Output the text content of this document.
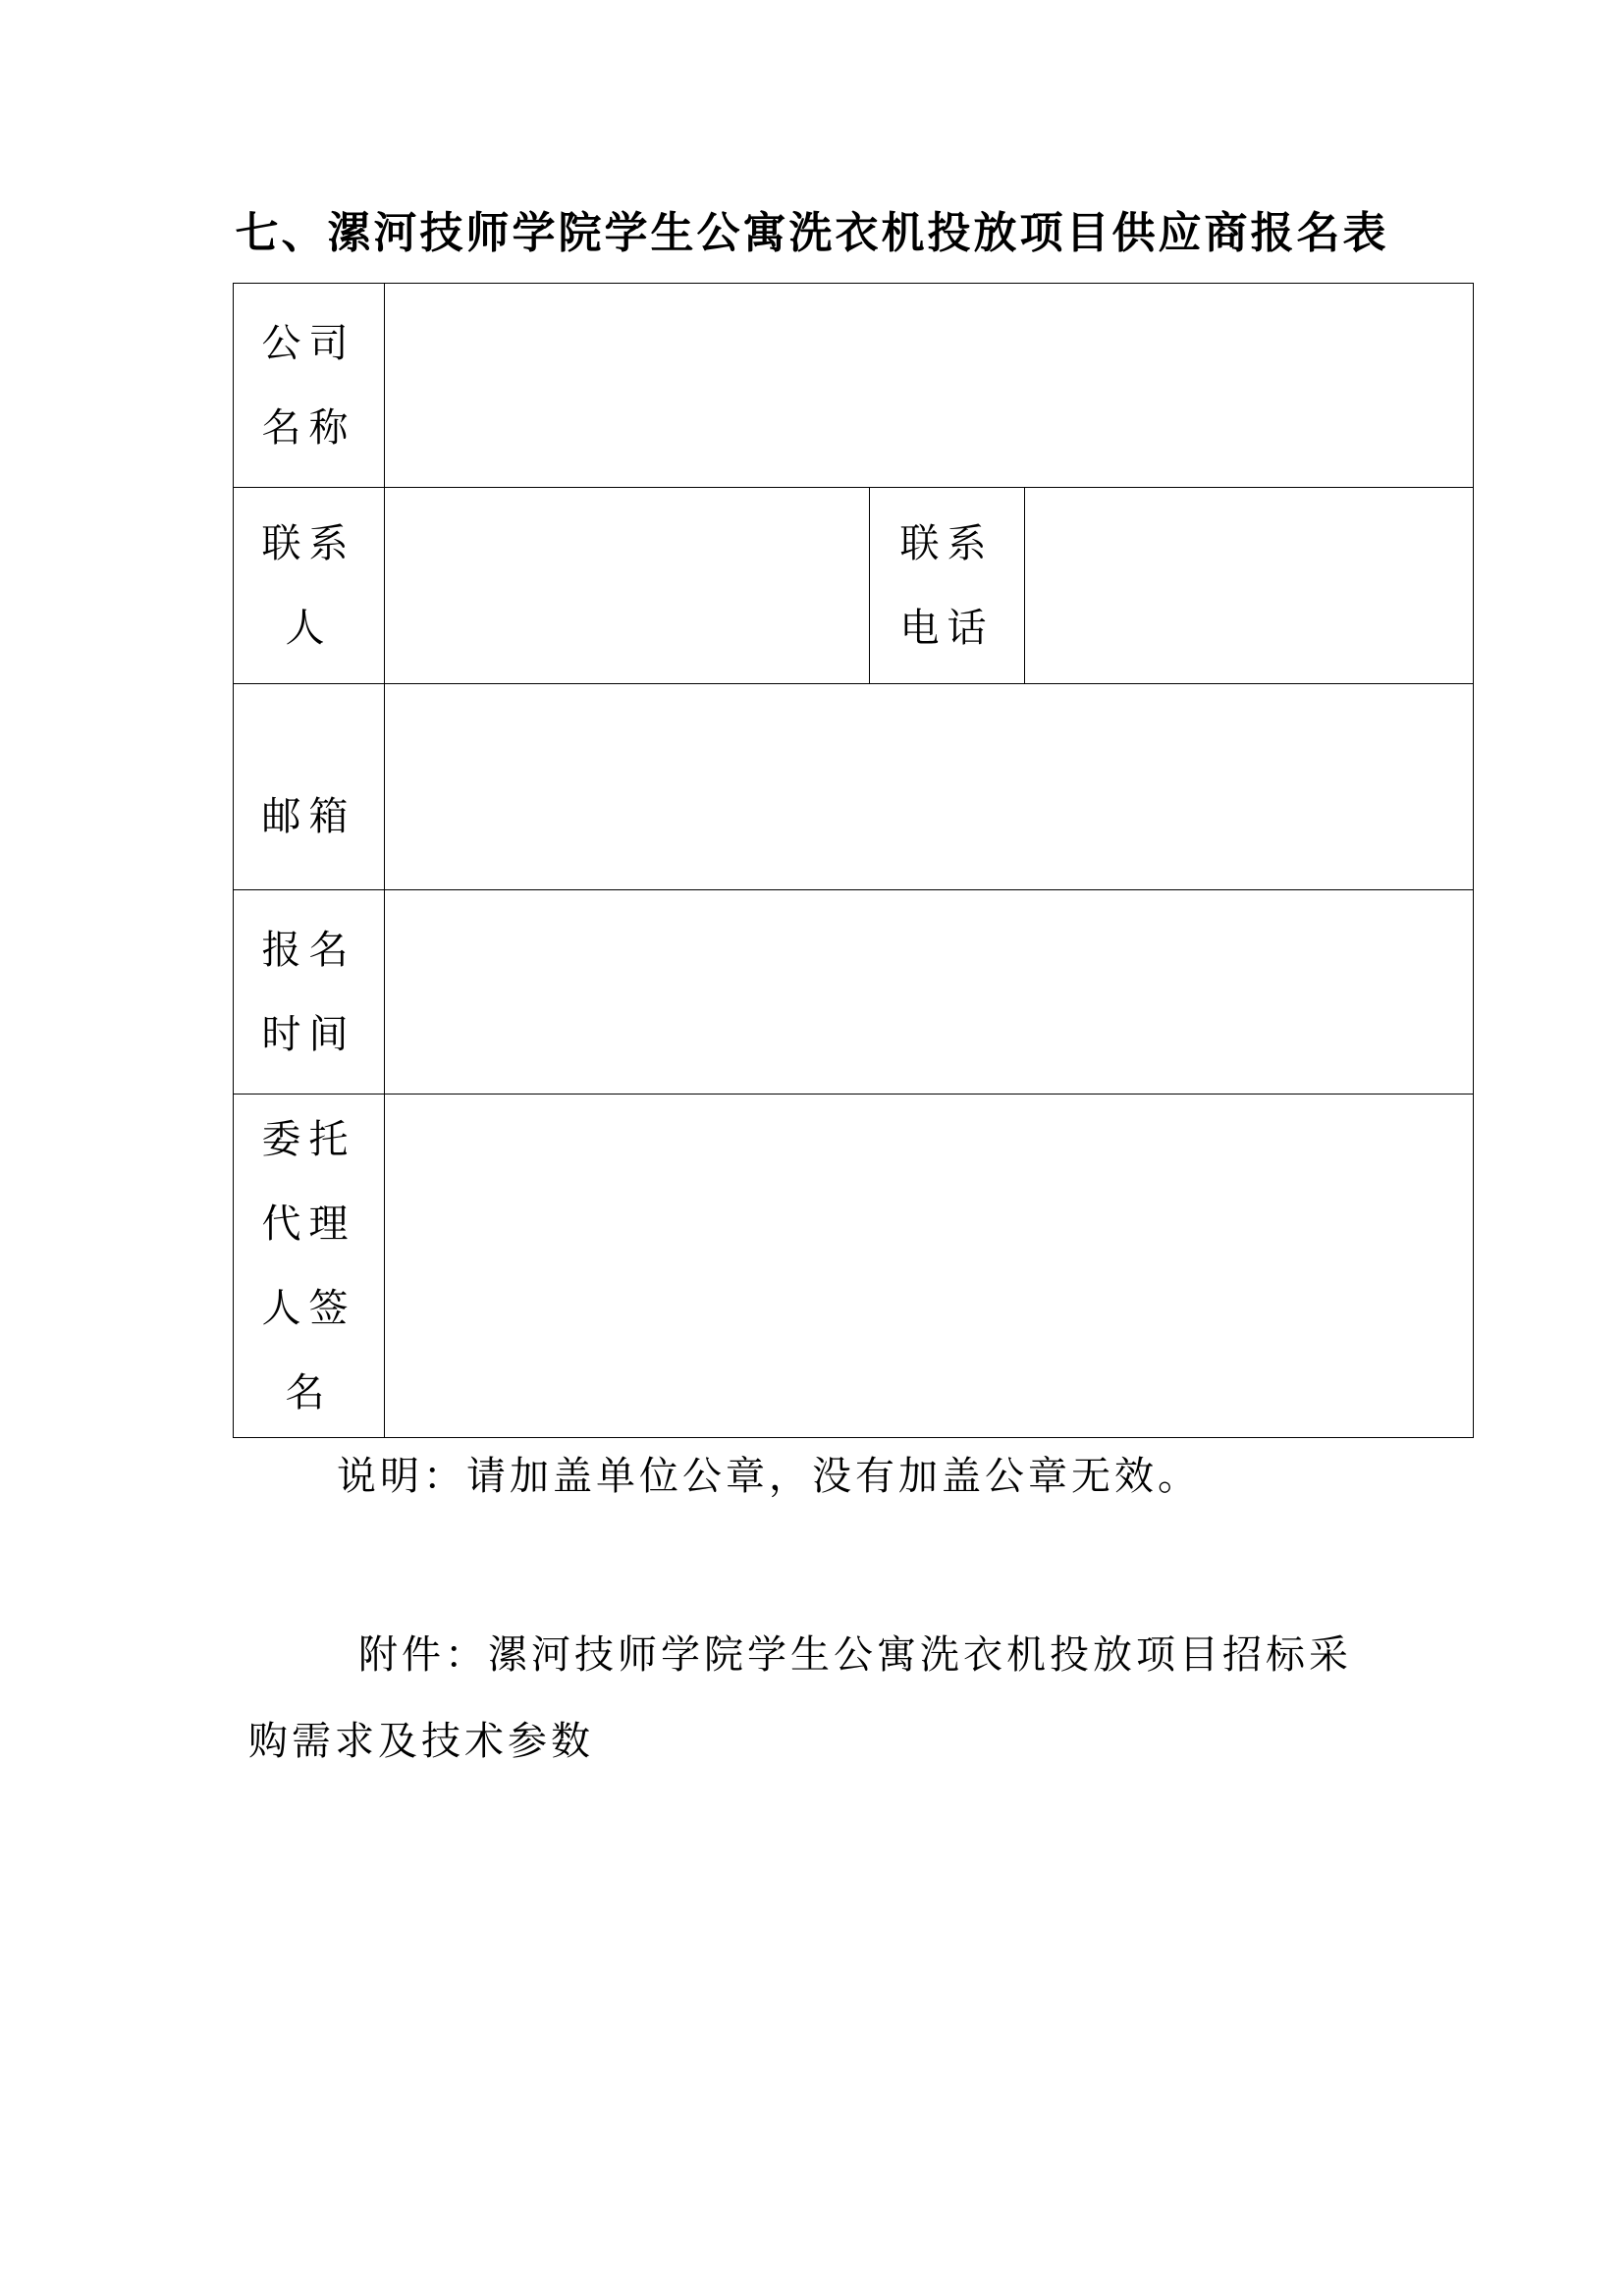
七、漯河技师学院学生公寓洗衣机投放项目供应商报名表
公司
名称			

联系
人		联系
电话	

邮箱			

报名
时间			

委托
代理
人签
名			

说明：请加盖单位公章，没有加盖公章无效。
附件：漯河技师学院学生公寓洗衣机投放项目招标采
购需求及技术参数
